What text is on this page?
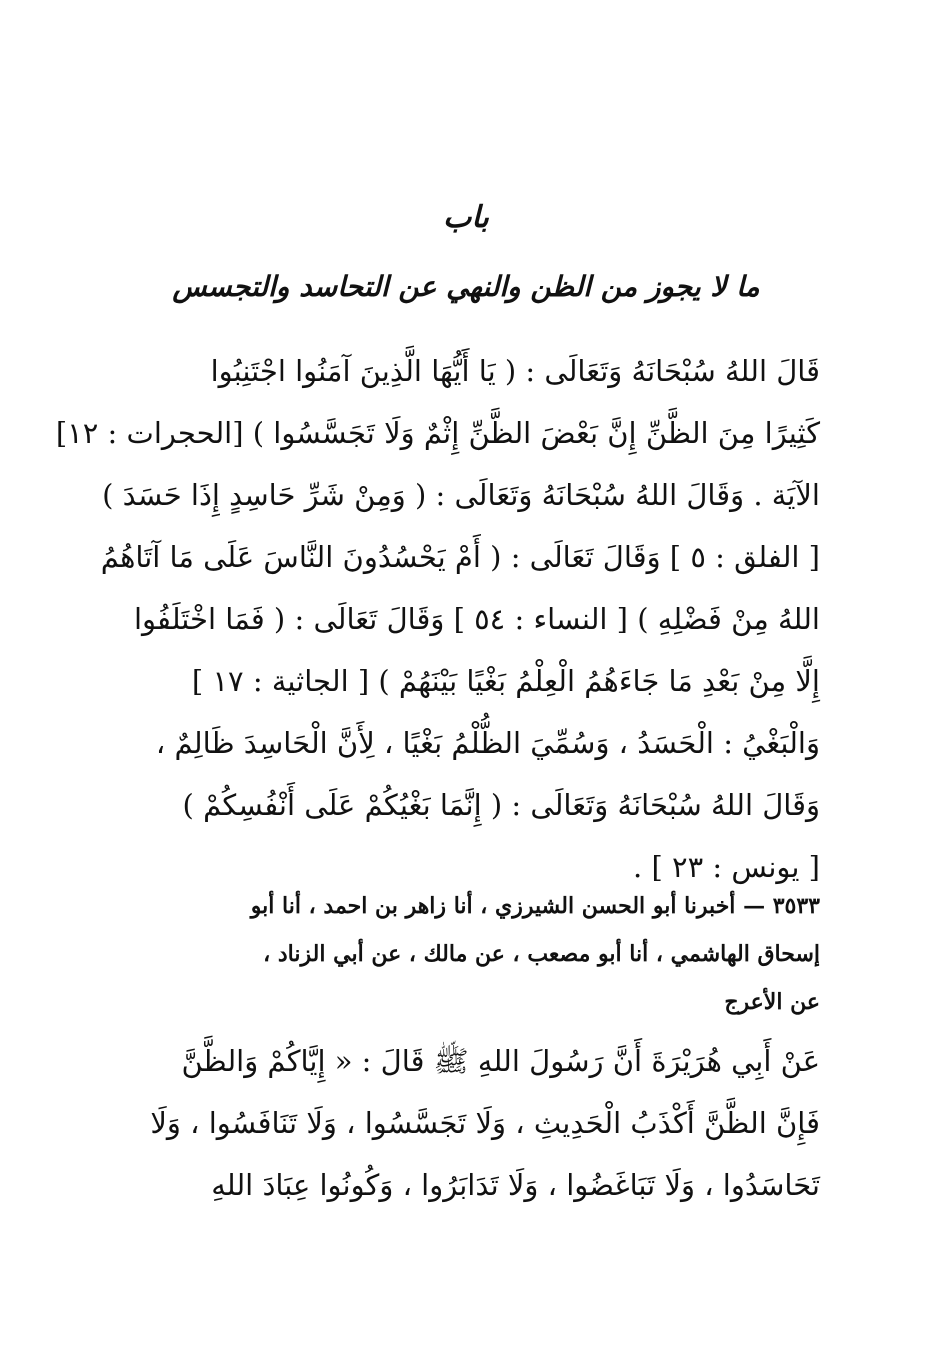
باب
ما لا يجوز من الظن والنهي عن التحاسد والتجسس
قَالَ اللهُ سُبْحَانَهُ وَتَعَالَى : ( يَا أَيُّهَا الَّذِينَ آمَنُوا اجْتَنِبُوا
كَثِيرًا مِنَ الظَّنِّ إِنَّ بَعْضَ الظَّنِّ إِثْمٌ وَلَا تَجَسَّسُوا ) [الحجرات : ١٢]
الآيَة . وَقَالَ اللهُ سُبْحَانَهُ وَتَعَالَى : ( وَمِنْ شَرِّ حَاسِدٍ إِذَا حَسَدَ )
[ الفلق : ٥ ] وَقَالَ تَعَالَى : ( أَمْ يَحْسُدُونَ النَّاسَ عَلَى مَا آتَاهُمُ
اللهُ مِنْ فَضْلِهِ ) [ النساء : ٥٤ ] وَقَالَ تَعَالَى : ( فَمَا اخْتَلَفُوا
إِلَّا مِنْ بَعْدِ مَا جَاءَهُمُ الْعِلْمُ بَغْيًا بَيْنَهُمْ ) [ الجاثية : ١٧ ]
وَالْبَغْيُ : الْحَسَدُ ، وَسُمِّيَ الظُّلْمُ بَغْيًا ، لِأَنَّ الْحَاسِدَ ظَالِمٌ ،
وَقَالَ اللهُ سُبْحَانَهُ وَتَعَالَى : ( إِنَّمَا بَغْيُكُمْ عَلَى أَنْفُسِكُمْ )
[ يونس : ٢٣ ] .
٣٥٣٣ — أخبرنا أبو الحسن الشيرزي ، أنا زاهر بن احمد ، أنا أبو
إسحاق الهاشمي ، أنا أبو مصعب ، عن مالك ، عن أبي الزناد ،
عن الأعرج
عَنْ أَبِي هُرَيْرَةَ أَنَّ رَسُولَ اللهِ ﷺ قَالَ : « إِيَّاكُمْ وَالظَّنَّ
فَإِنَّ الظَّنَّ أَكْذَبُ الْحَدِيثِ ، وَلَا تَجَسَّسُوا ، وَلَا تَنَافَسُوا ، وَلَا
تَحَاسَدُوا ، وَلَا تَبَاغَضُوا ، وَلَا تَدَابَرُوا ، وَكُونُوا عِبَادَ اللهِ
